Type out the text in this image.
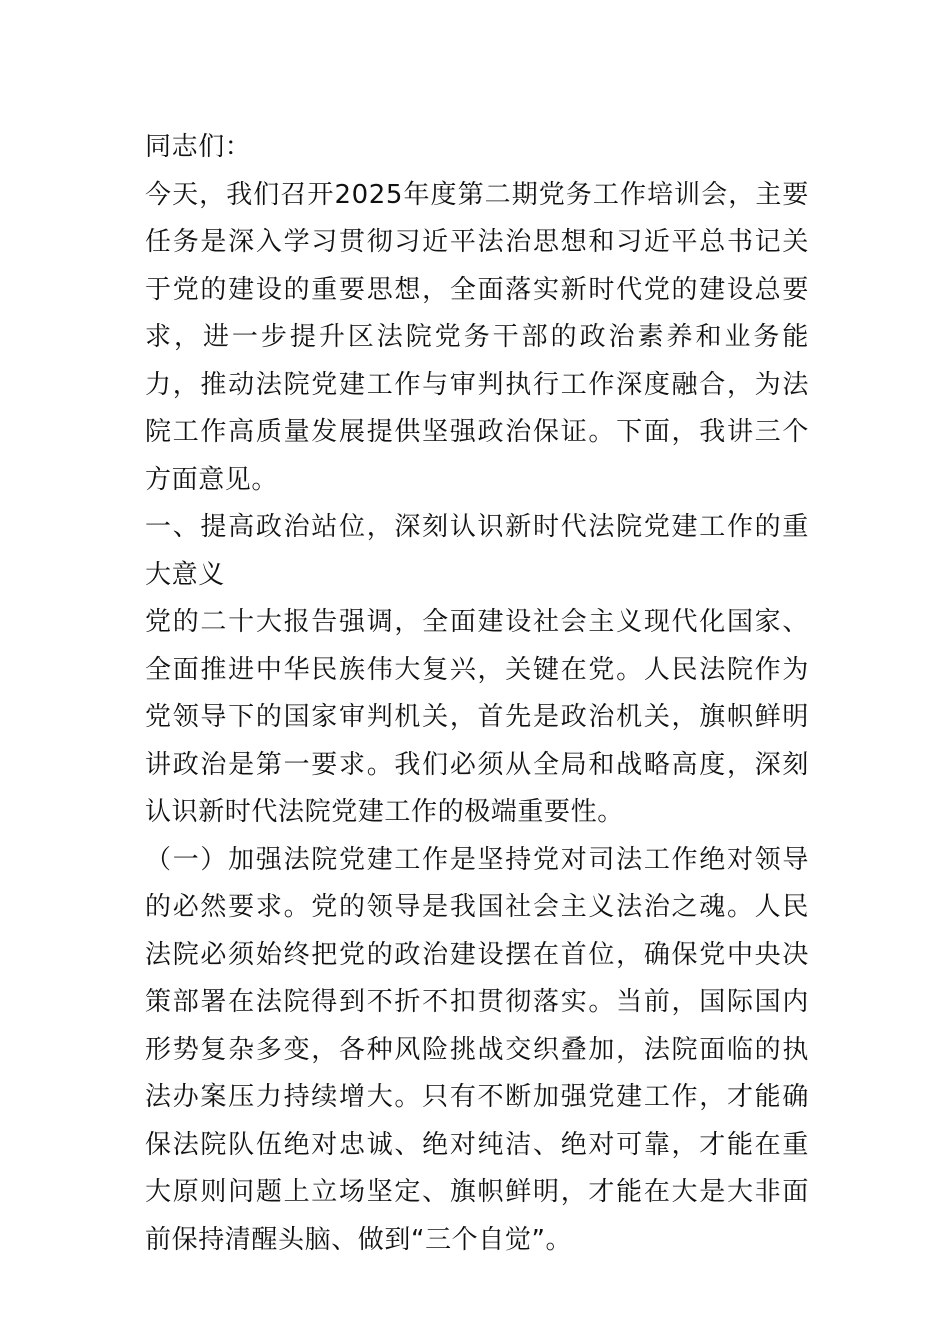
同志们：

今天，我们召开2025年度第二期党务工作培训会，主要任务是深入学习贯彻习近平法治思想和习近平总书记关于党的建设的重要思想，全面落实新时代党的建设总要求，进一步提升区法院党务干部的政治素养和业务能力，推动法院党建工作与审判执行工作深度融合，为法院工作高质量发展提供坚强政治保证。下面，我讲三个方面意见。

一、提高政治站位，深刻认识新时代法院党建工作的重大意义

党的二十大报告强调，全面建设社会主义现代化国家、全面推进中华民族伟大复兴，关键在党。人民法院作为党领导下的国家审判机关，首先是政治机关，旗帜鲜明讲政治是第一要求。我们必须从全局和战略高度，深刻认识新时代法院党建工作的极端重要性。

（一）加强法院党建工作是坚持党对司法工作绝对领导的必然要求。党的领导是我国社会主义法治之魂。人民法院必须始终把党的政治建设摆在首位，确保党中央决策部署在法院得到不折不扣贯彻落实。当前，国际国内形势复杂多变，各种风险挑战交织叠加，法院面临的执法办案压力持续增大。只有不断加强党建工作，才能确保法院队伍绝对忠诚、绝对纯洁、绝对可靠，才能在重大原则问题上立场坚定、旗帜鲜明，才能在大是大非面前保持清醒头脑、做到“三个自觉”。
